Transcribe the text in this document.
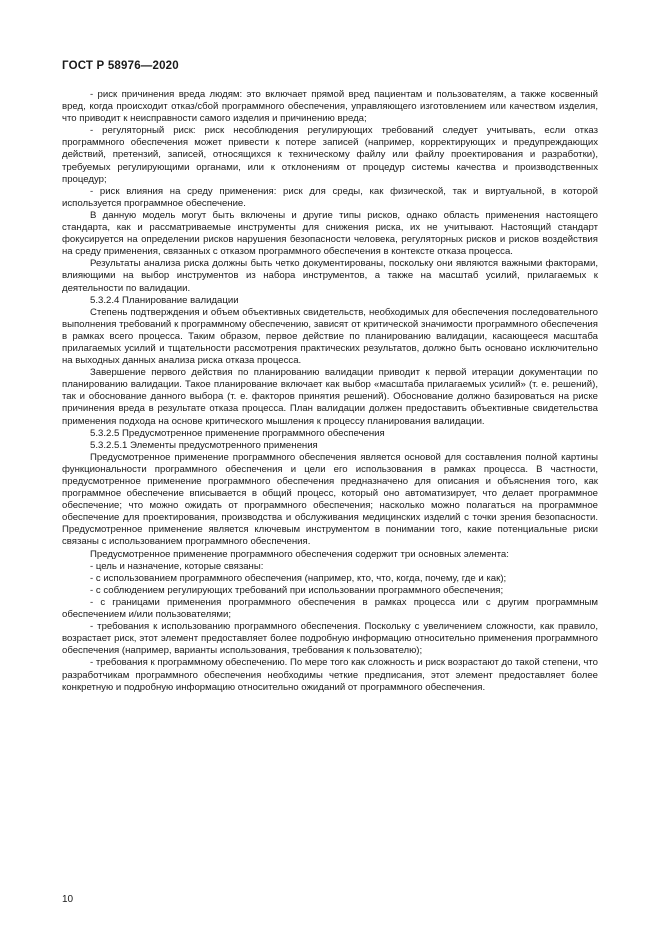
ГОСТ Р 58976—2020

- риск причинения вреда людям: это включает прямой вред пациентам и пользователям, а также косвенный вред, когда происходит отказ/сбой программного обеспечения, управляющего изготовлением или качеством изделия, что приводит к неисправности самого изделия и причинению вреда;

- регуляторный риск: риск несоблюдения регулирующих требований следует учитывать, если отказ программного обеспечения может привести к потере записей (например, корректирующих и предупреждающих действий, претензий, записей, относящихся к техническому файлу или файлу проектирования и разработки), требуемых регулирующими органами, или к отклонениям от процедур системы качества и производственных процедур;

- риск влияния на среду применения: риск для среды, как физической, так и виртуальной, в которой используется программное обеспечение.

В данную модель могут быть включены и другие типы рисков, однако область применения настоящего стандарта, как и рассматриваемые инструменты для снижения риска, их не учитывают. Настоящий стандарт фокусируется на определении рисков нарушения безопасности человека, регуляторных рисков и рисков воздействия на среду применения, связанных с отказом программного обеспечения в контексте отказа процесса.

Результаты анализа риска должны быть четко документированы, поскольку они являются важными факторами, влияющими на выбор инструментов из набора инструментов, а также на масштаб усилий, прилагаемых к деятельности по валидации.

5.3.2.4 Планирование валидации

Степень подтверждения и объем объективных свидетельств, необходимых для обеспечения последовательного выполнения требований к программному обеспечению, зависят от критической значимости программного обеспечения в рамках всего процесса. Таким образом, первое действие по планированию валидации, касающееся масштаба прилагаемых усилий и тщательности рассмотрения практических результатов, должно быть основано исключительно на выходных данных анализа риска отказа процесса.

Завершение первого действия по планированию валидации приводит к первой итерации документации по планированию валидации. Такое планирование включает как выбор «масштаба прилагаемых усилий» (т. е. решений), так и обоснование данного выбора (т. е. факторов принятия решений). Обоснование должно базироваться на риске причинения вреда в результате отказа процесса. План валидации должен предоставить объективные свидетельства применения подхода на основе критического мышления к процессу планирования валидации.

5.3.2.5 Предусмотренное применение программного обеспечения

5.3.2.5.1 Элементы предусмотренного применения

Предусмотренное применение программного обеспечения является основой для составления полной картины функциональности программного обеспечения и цели его использования в рамках процесса. В частности, предусмотренное применение программного обеспечения предназначено для описания и объяснения того, как программное обеспечение вписывается в общий процесс, который оно автоматизирует, что делает программное обеспечение; что можно ожидать от программного обеспечения; насколько можно полагаться на программное обеспечение для проектирования, производства и обслуживания медицинских изделий с точки зрения безопасности. Предусмотренное применение является ключевым инструментом в понимании того, какие потенциальные риски связаны с использованием программного обеспечения.

Предусмотренное применение программного обеспечения содержит три основных элемента:

- цель и назначение, которые связаны:

- с использованием программного обеспечения (например, кто, что, когда, почему, где и как);

- с соблюдением регулирующих требований при использовании программного обеспечения;

- с границами применения программного обеспечения в рамках процесса или с другим программным обеспечением и/или пользователями;

- требования к использованию программного обеспечения. Поскольку с увеличением сложности, как правило, возрастает риск, этот элемент предоставляет более подробную информацию относительно применения программного обеспечения (например, варианты использования, требования к пользователю);

- требования к программному обеспечению. По мере того как сложность и риск возрастают до такой степени, что разработчикам программного обеспечения необходимы четкие предписания, этот элемент предоставляет более конкретную и подробную информацию относительно ожиданий от программного обеспечения.

10
